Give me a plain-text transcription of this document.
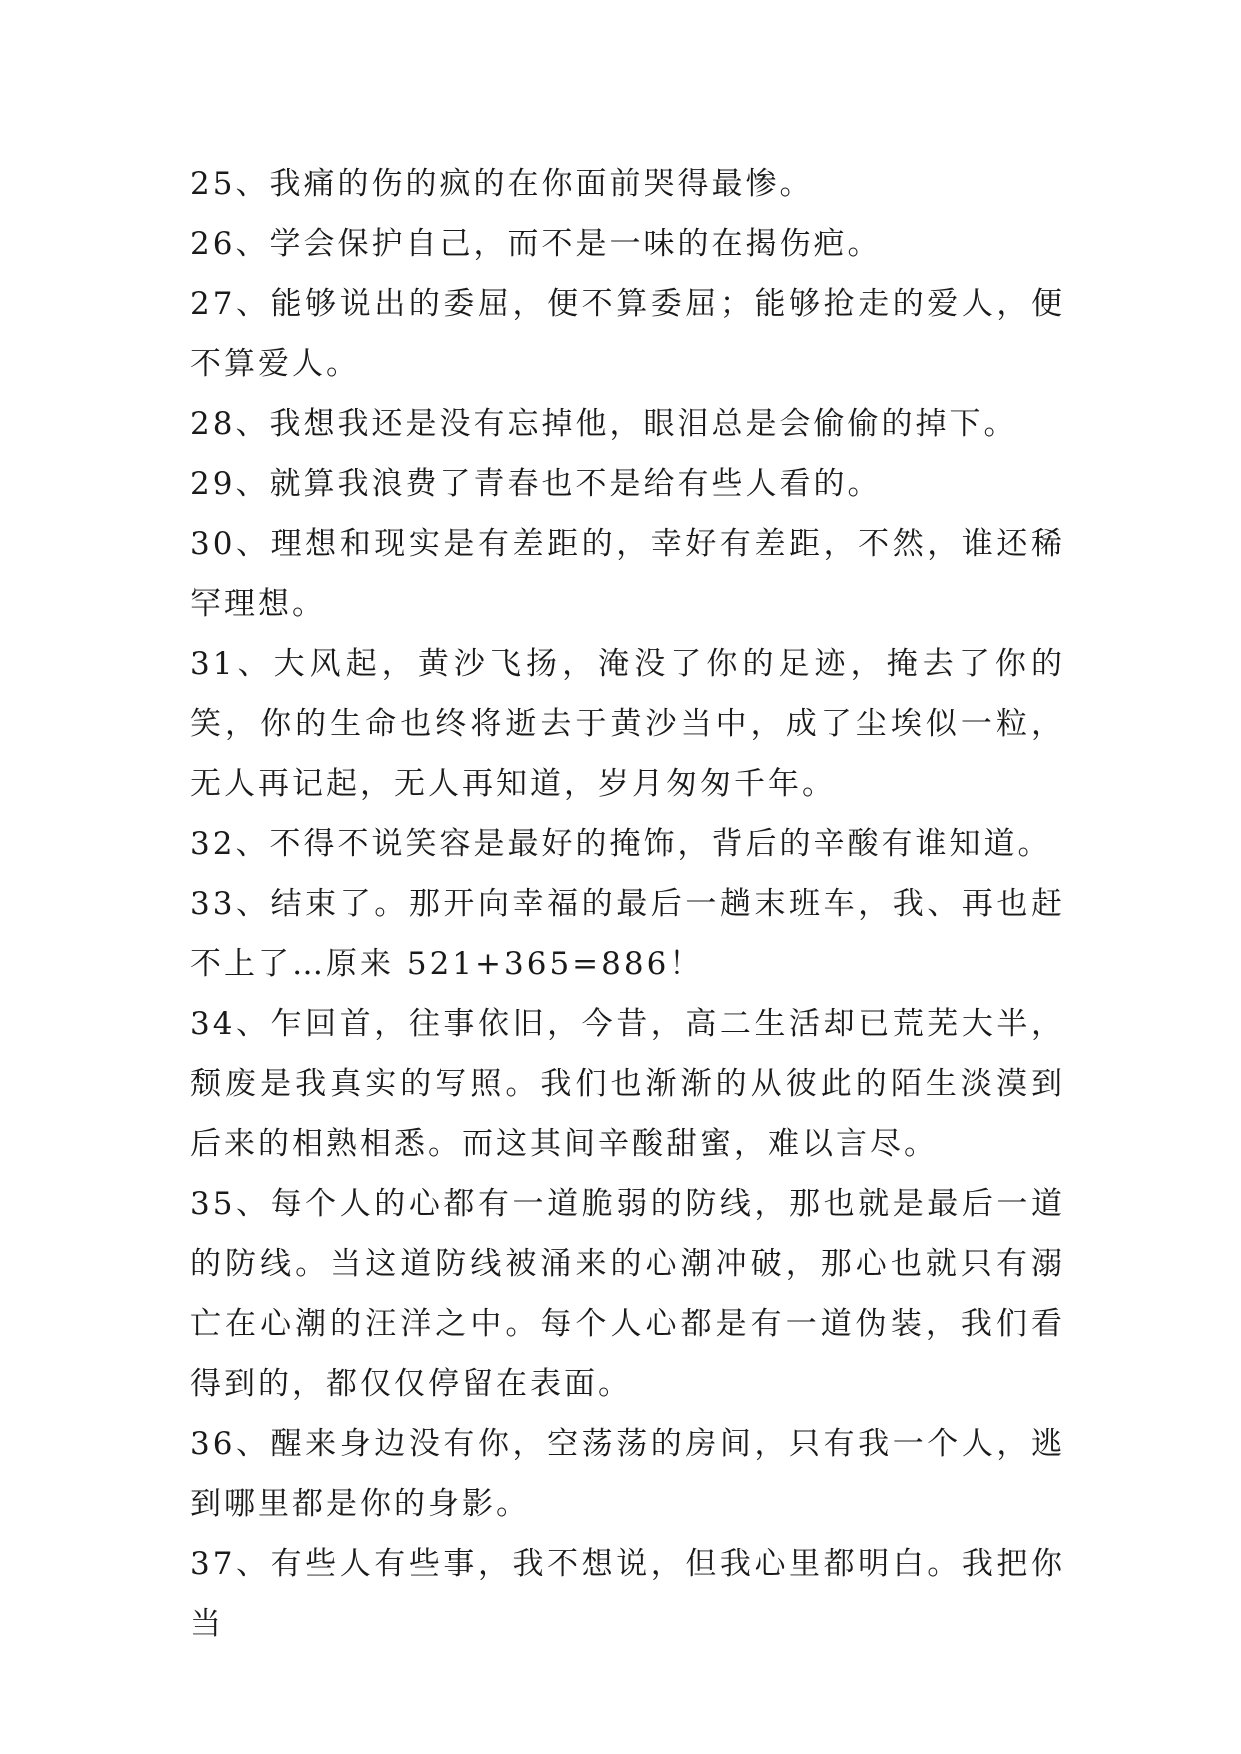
25、我痛的伤的疯的在你面前哭得最惨。

26、学会保护自己，而不是一味的在揭伤疤。

27、能够说出的委屈，便不算委屈；能够抢走的爱人，便不算爱人。

28、我想我还是没有忘掉他，眼泪总是会偷偷的掉下。

29、就算我浪费了青春也不是给有些人看的。

30、理想和现实是有差距的，幸好有差距，不然，谁还稀罕理想。

31、大风起，黄沙飞扬，淹没了你的足迹，掩去了你的笑，你的生命也终将逝去于黄沙当中，成了尘埃似一粒，无人再记起，无人再知道，岁月匆匆千年。

32、不得不说笑容是最好的掩饰，背后的辛酸有谁知道。

33、结束了。那开向幸福的最后一趟末班车，我、再也赶不上了…原来 521+365=886！

34、乍回首，往事依旧，今昔，高二生活却已荒芜大半，颓废是我真实的写照。我们也渐渐的从彼此的陌生淡漠到后来的相熟相悉。而这其间辛酸甜蜜，难以言尽。

35、每个人的心都有一道脆弱的防线，那也就是最后一道的防线。当这道防线被涌来的心潮冲破，那心也就只有溺亡在心潮的汪洋之中。每个人心都是有一道伪装，我们看得到的，都仅仅停留在表面。

36、醒来身边没有你，空荡荡的房间，只有我一个人，逃到哪里都是你的身影。

37、有些人有些事，我不想说，但我心里都明白。我把你当
